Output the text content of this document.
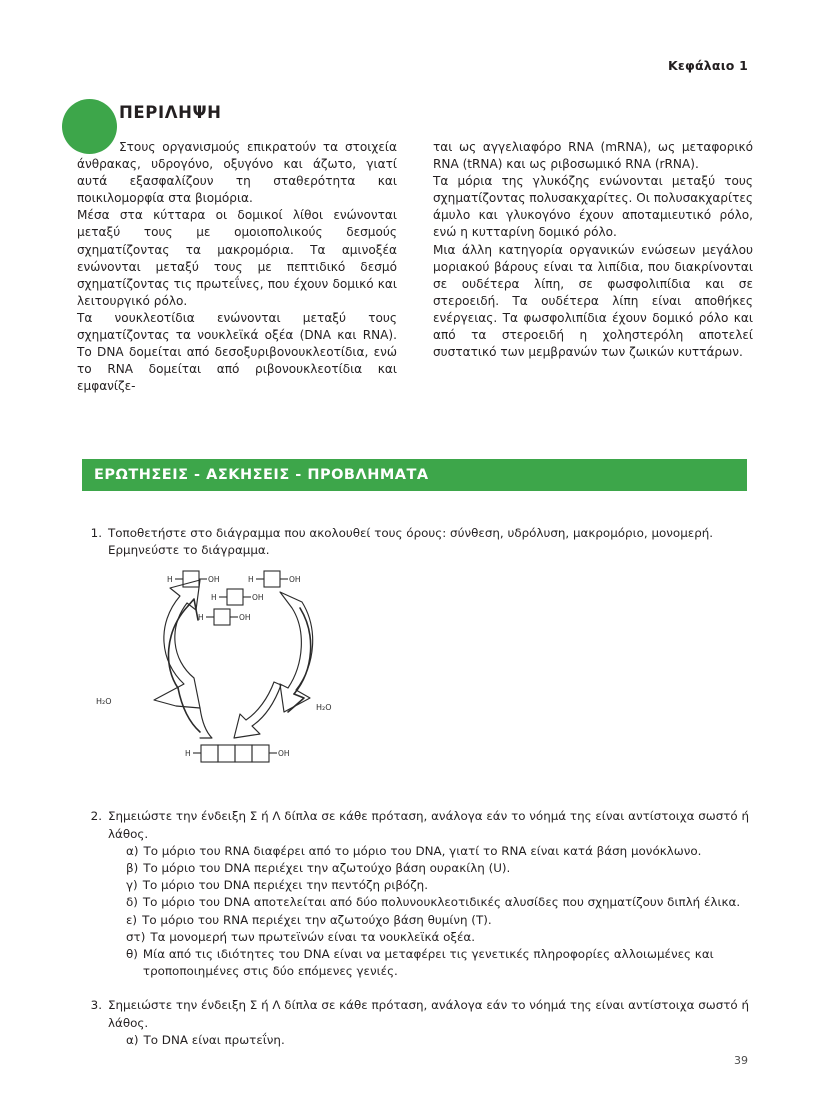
Κεφάλαιο 1
ΠΕΡΙΛΗΨΗ

Στους οργανισμούς επικρατούν τα στοιχεία άνθρακας, υδρογόνο, οξυγόνο και άζωτο, γιατί αυτά εξασφαλίζουν τη σταθερότητα και ποικιλομορφία στα βιομόρια.

Μέσα στα κύτταρα οι δομικοί λίθοι ενώνονται μεταξύ τους με ομοιοπολικούς δεσμούς σχηματίζοντας τα μακρομόρια. Τα αμινοξέα ενώνονται μεταξύ τους με πεπτιδικό δεσμό σχηματίζοντας τις πρωτεΐνες, που έχουν δομικό και λειτουργικό ρόλο.

Τα νουκλεοτίδια ενώνονται μεταξύ τους σχηματίζοντας τα νουκλεϊκά οξέα (DNA και RNA). Το DNA δομείται από δεσοξυριβονουκλεοτίδια, ενώ το RNA δομείται από ριβονουκλεοτίδια και εμφανίζε-

ται ως αγγελιαφόρο RNA (mRNA), ως μεταφορικό RNA (tRNA) και ως ριβοσωμικό RNA (rRNA).

Τα μόρια της γλυκόζης ενώνονται μεταξύ τους σχηματίζοντας πολυσακχαρίτες. Οι πολυσακχαρίτες άμυλο και γλυκογόνο έχουν αποταμιευτικό ρόλο, ενώ η κυτταρίνη δομικό ρόλο.

Μια άλλη κατηγορία οργανικών ενώσεων μεγάλου μοριακού βάρους είναι τα λιπίδια, που διακρίνονται σε ουδέτερα λίπη, σε φωσφολιπίδια και σε στεροειδή. Τα ουδέτερα λίπη είναι αποθήκες ενέργειας. Τα φωσφολιπίδια έχουν δομικό ρόλο και από τα στεροειδή η χοληστερόλη αποτελεί συστατικό των μεμβρανών των ζωικών κυττάρων.

ΕΡΩΤΗΣΕΙΣ - ΑΣΚΗΣΕΙΣ - ΠΡΟΒΛΗΜΑΤΑ
1. Τοποθετήστε στο διάγραμμα που ακολουθεί τους όρους: σύνθεση, υδρόλυση, μακρομόριο, μονομερή. Ερμηνεύστε το διάγραμμα.

2. Σημειώστε την ένδειξη Σ ή Λ δίπλα σε κάθε πρόταση, ανάλογα εάν το νόημά της είναι αντίστοιχα σωστό ή λάθος.

α) Το μόριο του RNA διαφέρει από το μόριο του DNA, γιατί το RNA είναι κατά βάση μονόκλωνο.
β) Το μόριο του DNA περιέχει την αζωτούχο βάση ουρακίλη (U).
γ) Το μόριο του DNA περιέχει την πεντόζη ριβόζη.
δ) Το μόριο του DNA αποτελείται από δύο πολυνουκλεοτιδικές αλυσίδες που σχηματίζουν διπλή έλικα.
ε) Το μόριο του RNA περιέχει την αζωτούχο βάση θυμίνη (Τ).
στ) Τα μονομερή των πρωτεϊνών είναι τα νουκλεϊκά οξέα.
θ) Μία από τις ιδιότητες του DNA είναι να μεταφέρει τις γενετικές πληροφορίες αλλοιωμένες και τροποποιημένες στις δύο επόμενες γενιές.
3. Σημειώστε την ένδειξη Σ ή Λ δίπλα σε κάθε πρόταση, ανάλογα εάν το νόημά της είναι αντίστοιχα σωστό ή λάθος.

α) Το DNA είναι πρωτεΐνη.
H	OH	H	OH
H	OH
H	OH
H	OH
H₂O
H₂O
39
